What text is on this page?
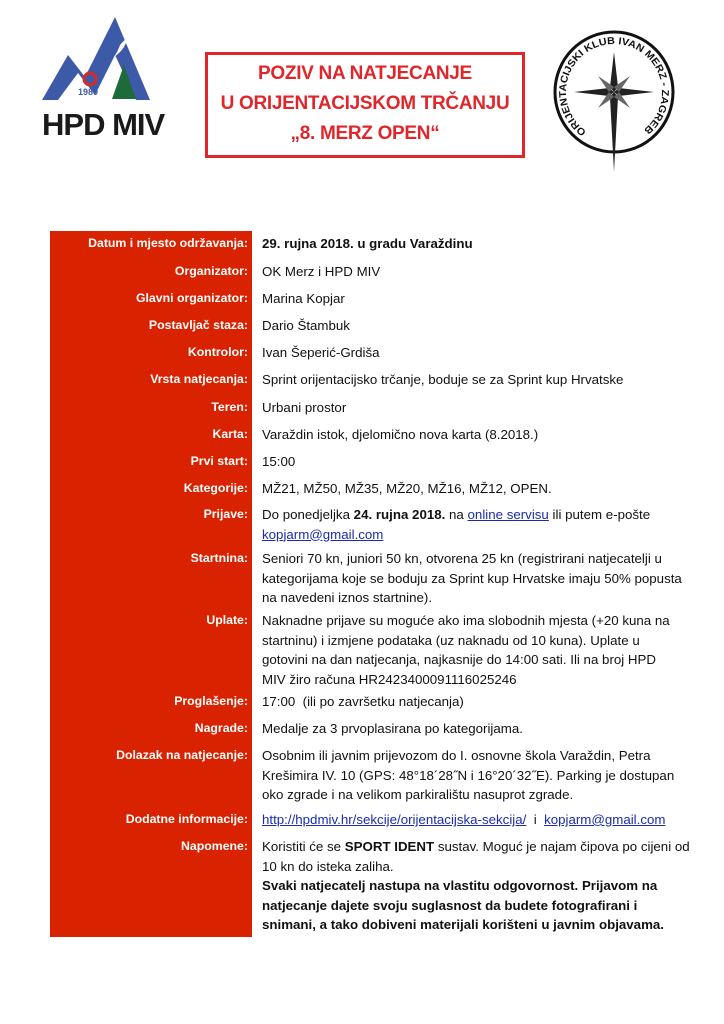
1980
HPD MIV
POZIV NA NATJECANJE
U ORIJENTACIJSKOM TRČANJU
„8. MERZ OPEN“	ORIJENTACIJSKI KLUB IVAN MERZ - ZAGREB
Datum i mjesto održavanja: 29. rujna 2018. u gradu Varaždinu
Organizator: OK Merz i HPD MIV
Glavni organizator: Marina Kopjar
Postavljač staza: Dario Štambuk
Kontrolor: Ivan Šeperić-Grdiša
Vrsta natjecanja: Sprint orijentacijsko trčanje, boduje se za Sprint kup Hrvatske
Teren: Urbani prostor
Karta: Varaždin istok, djelomično nova karta (8.2018.)
Prvi start: 15:00
Kategorije: MŽ21, MŽ50, MŽ35, MŽ20, MŽ16, MŽ12, OPEN.
Prijave: Do ponedjeljka 24. rujna 2018. na online servisu ili putem e-pošte
kopjarm@gmail.com
Startnina: Seniori 70 kn, juniori 50 kn, otvorena 25 kn (registrirani natjecatelji u kategorijama koje se boduju za Sprint kup Hrvatske imaju 50% popusta na navedeni iznos startnine).
Uplate: Naknadne prijave su moguće ako ima slobodnih mjesta (+20 kuna na startninu) i izmjene podataka (uz naknadu od 10 kuna). Uplate u gotovini na dan natjecanja, najkasnije do 14:00 sati. Ili na broj HPD MIV žiro računa HR2423400091116025246
Proglašenje: 17:00  (ili po završetku natjecanja)
Nagrade: Medalje za 3 prvoplasirana po kategorijama.
Dolazak na natjecanje: Osobnim ili javnim prijevozom do I. osnovne škola Varaždin, Petra Krešimira IV. 10 (GPS: 48°18´28˝N i 16°20´32˝E). Parking je dostupan oko zgrade i na velikom parkiralištu nasuprot zgrade.
Dodatne informacije: http://hpdmiv.hr/sekcije/orijentacijska-sekcija/  i  kopjarm@gmail.com
Napomene: Koristiti će se SPORT IDENT sustav. Moguć je najam čipova po cijeni od 10 kn do isteka zaliha.
Svaki natjecatelj nastupa na vlastitu odgovornost. Prijavom na natjecanje dajete svoju suglasnost da budete fotografirani i snimani, a tako dobiveni materijali korišteni u javnim objavama.
